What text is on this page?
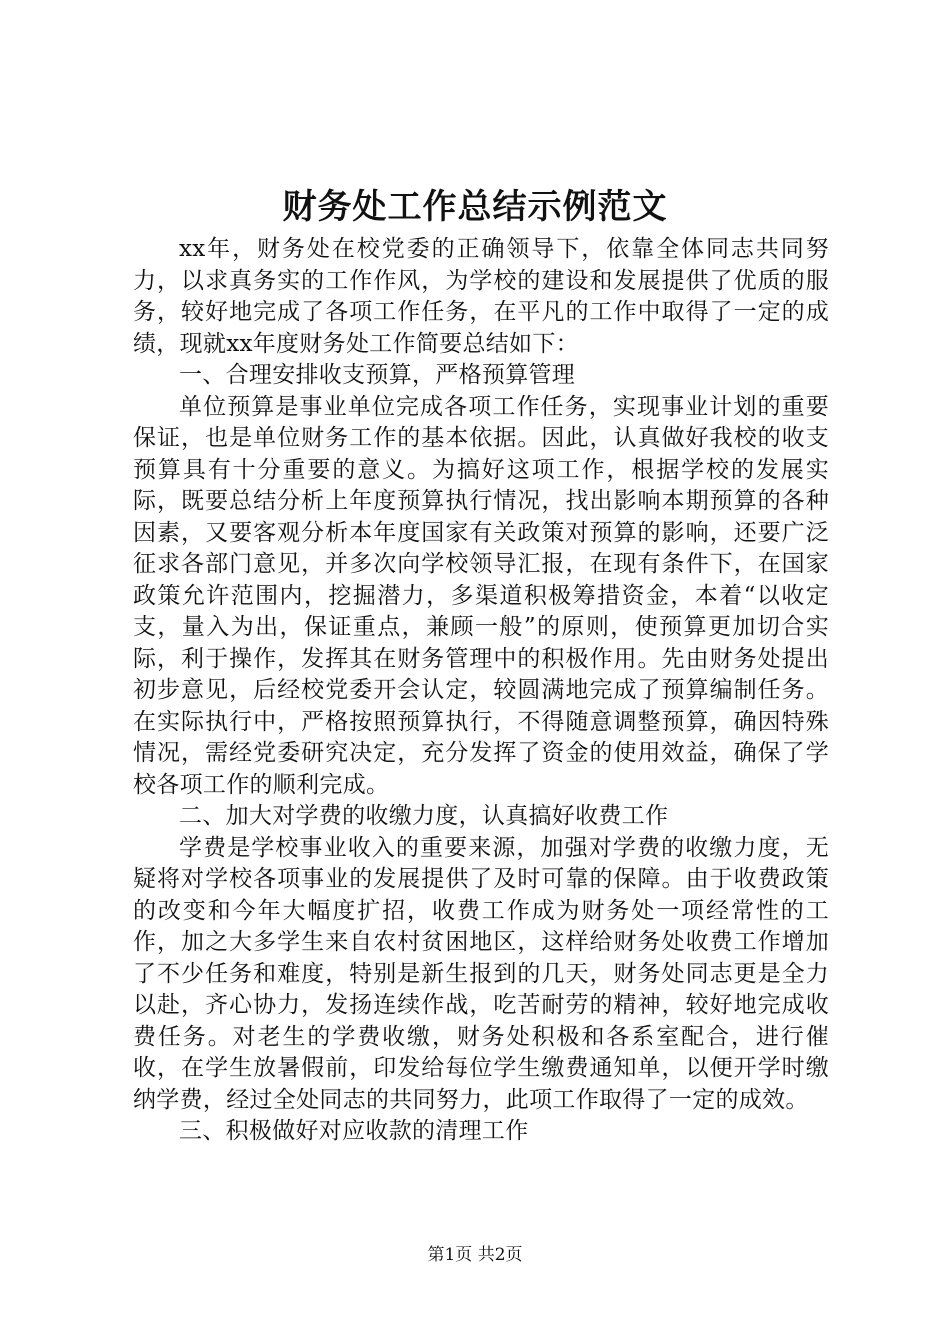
财务处工作总结示例范文

xx年，财务处在校党委的正确领导下，依靠全体同志共同努力，以求真务实的工作作风，为学校的建设和发展提供了优质的服务，较好地完成了各项工作任务，在平凡的工作中取得了一定的成绩，现就xx年度财务处工作简要总结如下：

一、合理安排收支预算，严格预算管理

单位预算是事业单位完成各项工作任务，实现事业计划的重要保证，也是单位财务工作的基本依据。因此，认真做好我校的收支预算具有十分重要的意义。为搞好这项工作，根据学校的发展实际，既要总结分析上年度预算执行情况，找出影响本期预算的各种因素，又要客观分析本年度国家有关政策对预算的影响，还要广泛征求各部门意见，并多次向学校领导汇报，在现有条件下，在国家政策允许范围内，挖掘潜力，多渠道积极筹措资金，本着“以收定支，量入为出，保证重点，兼顾一般”的原则，使预算更加切合实际，利于操作，发挥其在财务管理中的积极作用。先由财务处提出初步意见，后经校党委开会认定，较圆满地完成了预算编制任务。在实际执行中，严格按照预算执行，不得随意调整预算，确因特殊情况，需经党委研究决定，充分发挥了资金的使用效益，确保了学校各项工作的顺利完成。

二、加大对学费的收缴力度，认真搞好收费工作

学费是学校事业收入的重要来源，加强对学费的收缴力度，无疑将对学校各项事业的发展提供了及时可靠的保障。由于收费政策的改变和今年大幅度扩招，收费工作成为财务处一项经常性的工作，加之大多学生来自农村贫困地区，这样给财务处收费工作增加了不少任务和难度，特别是新生报到的几天，财务处同志更是全力以赴，齐心协力，发扬连续作战，吃苦耐劳的精神，较好地完成收费任务。对老生的学费收缴，财务处积极和各系室配合，进行催收，在学生放暑假前，印发给每位学生缴费通知单，以便开学时缴纳学费，经过全处同志的共同努力，此项工作取得了一定的成效。

三、积极做好对应收款的清理工作

第1页 共2页
